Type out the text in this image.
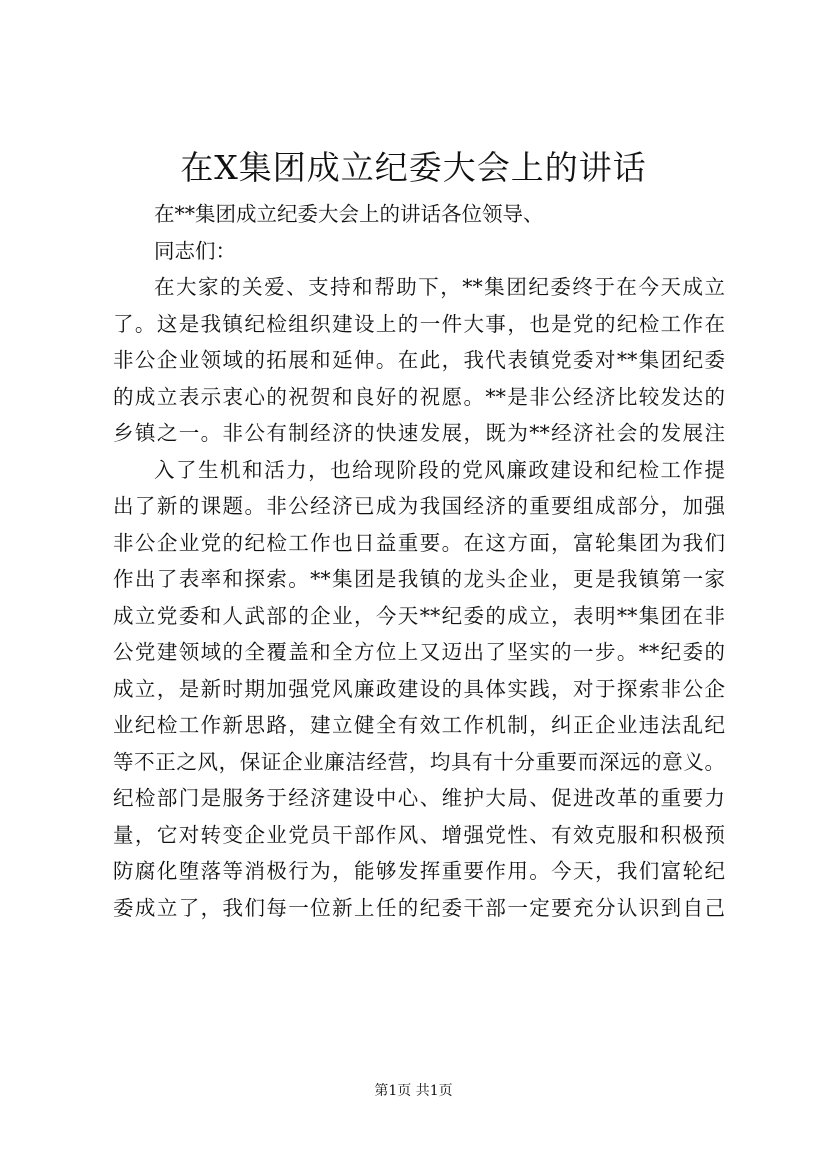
在X集团成立纪委大会上的讲话
在**集团成立纪委大会上的讲话各位领导、
同志们：
在大家的关爱、支持和帮助下，**集团纪委终于在今天成立
了。这是我镇纪检组织建设上的一件大事，也是党的纪检工作在
非公企业领域的拓展和延伸。在此，我代表镇党委对**集团纪委
的成立表示衷心的祝贺和良好的祝愿。**是非公经济比较发达的
乡镇之一。非公有制经济的快速发展，既为**经济社会的发展注
入了生机和活力，也给现阶段的党风廉政建设和纪检工作提
出了新的课题。非公经济已成为我国经济的重要组成部分，加强
非公企业党的纪检工作也日益重要。在这方面，富轮集团为我们
作出了表率和探索。**集团是我镇的龙头企业，更是我镇第一家
成立党委和人武部的企业，今天**纪委的成立，表明**集团在非
公党建领域的全覆盖和全方位上又迈出了坚实的一步。**纪委的
成立，是新时期加强党风廉政建设的具体实践，对于探索非公企
业纪检工作新思路，建立健全有效工作机制，纠正企业违法乱纪
等不正之风，保证企业廉洁经营，均具有十分重要而深远的意义。
纪检部门是服务于经济建设中心、维护大局、促进改革的重要力
量，它对转变企业党员干部作风、增强党性、有效克服和积极预
防腐化堕落等消极行为，能够发挥重要作用。今天，我们富轮纪
委成立了，我们每一位新上任的纪委干部一定要充分认识到自己
第1页 共1页
